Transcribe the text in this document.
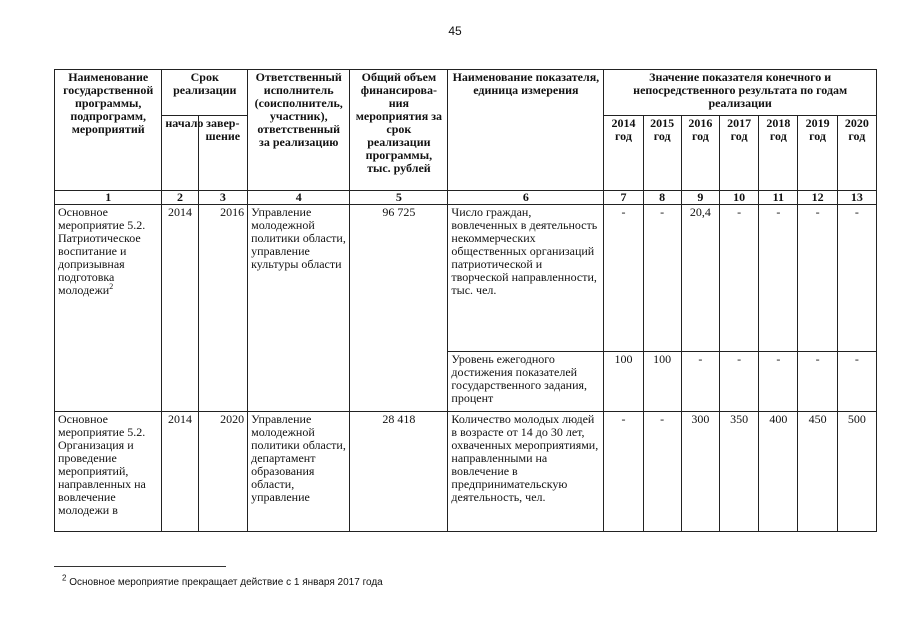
45
Наименование государственной программы, подпрограмм, мероприятий	Срок реализации		Ответственный исполнитель (соисполнитель, участник), ответственный за реализацию	Общий объем финансирова-ния мероприятия за срок реализации программы, тыс. рублей	Наименование показателя, единица измерения	Значение показателя конечного и непосредственного результата по годам реализации						
	начало	завер-шение				2014 год	2015 год	2016 год	2017 год	2018 год	2019 год	2020 год
1	2	3	4	5	6	7	8	9	10	11	12	13
Основное мероприятие 5.2. Патриотическое воспитание и допризывная подготовка молодежи$^2$	2014	2016	Управление молодежной политики области, управление культуры области	96 725	Число граждан, вовлеченных в деятельность некоммерческих общественных организаций патриотической и творческой направленности, тыс. чел.	-	-	20,4	-	-	-	-
					Уровень ежегодного достижения показателей государственного задания, процент	100	100	-	-	-	-	-
Основное мероприятие 5.2. Организация и проведение мероприятий, направленных на вовлечение молодежи в	2014	2020	Управление молодежной политики области, департамент образования области, управление	28 418	Количество молодых людей в возрасте от 14 до 30 лет, охваченных мероприятиями, направленными на вовлечение в предпринимательскую деятельность, чел.	-	-	300	350	400	450	500
$^2$ Основное мероприятие прекращает действие с 1 января 2017 года
